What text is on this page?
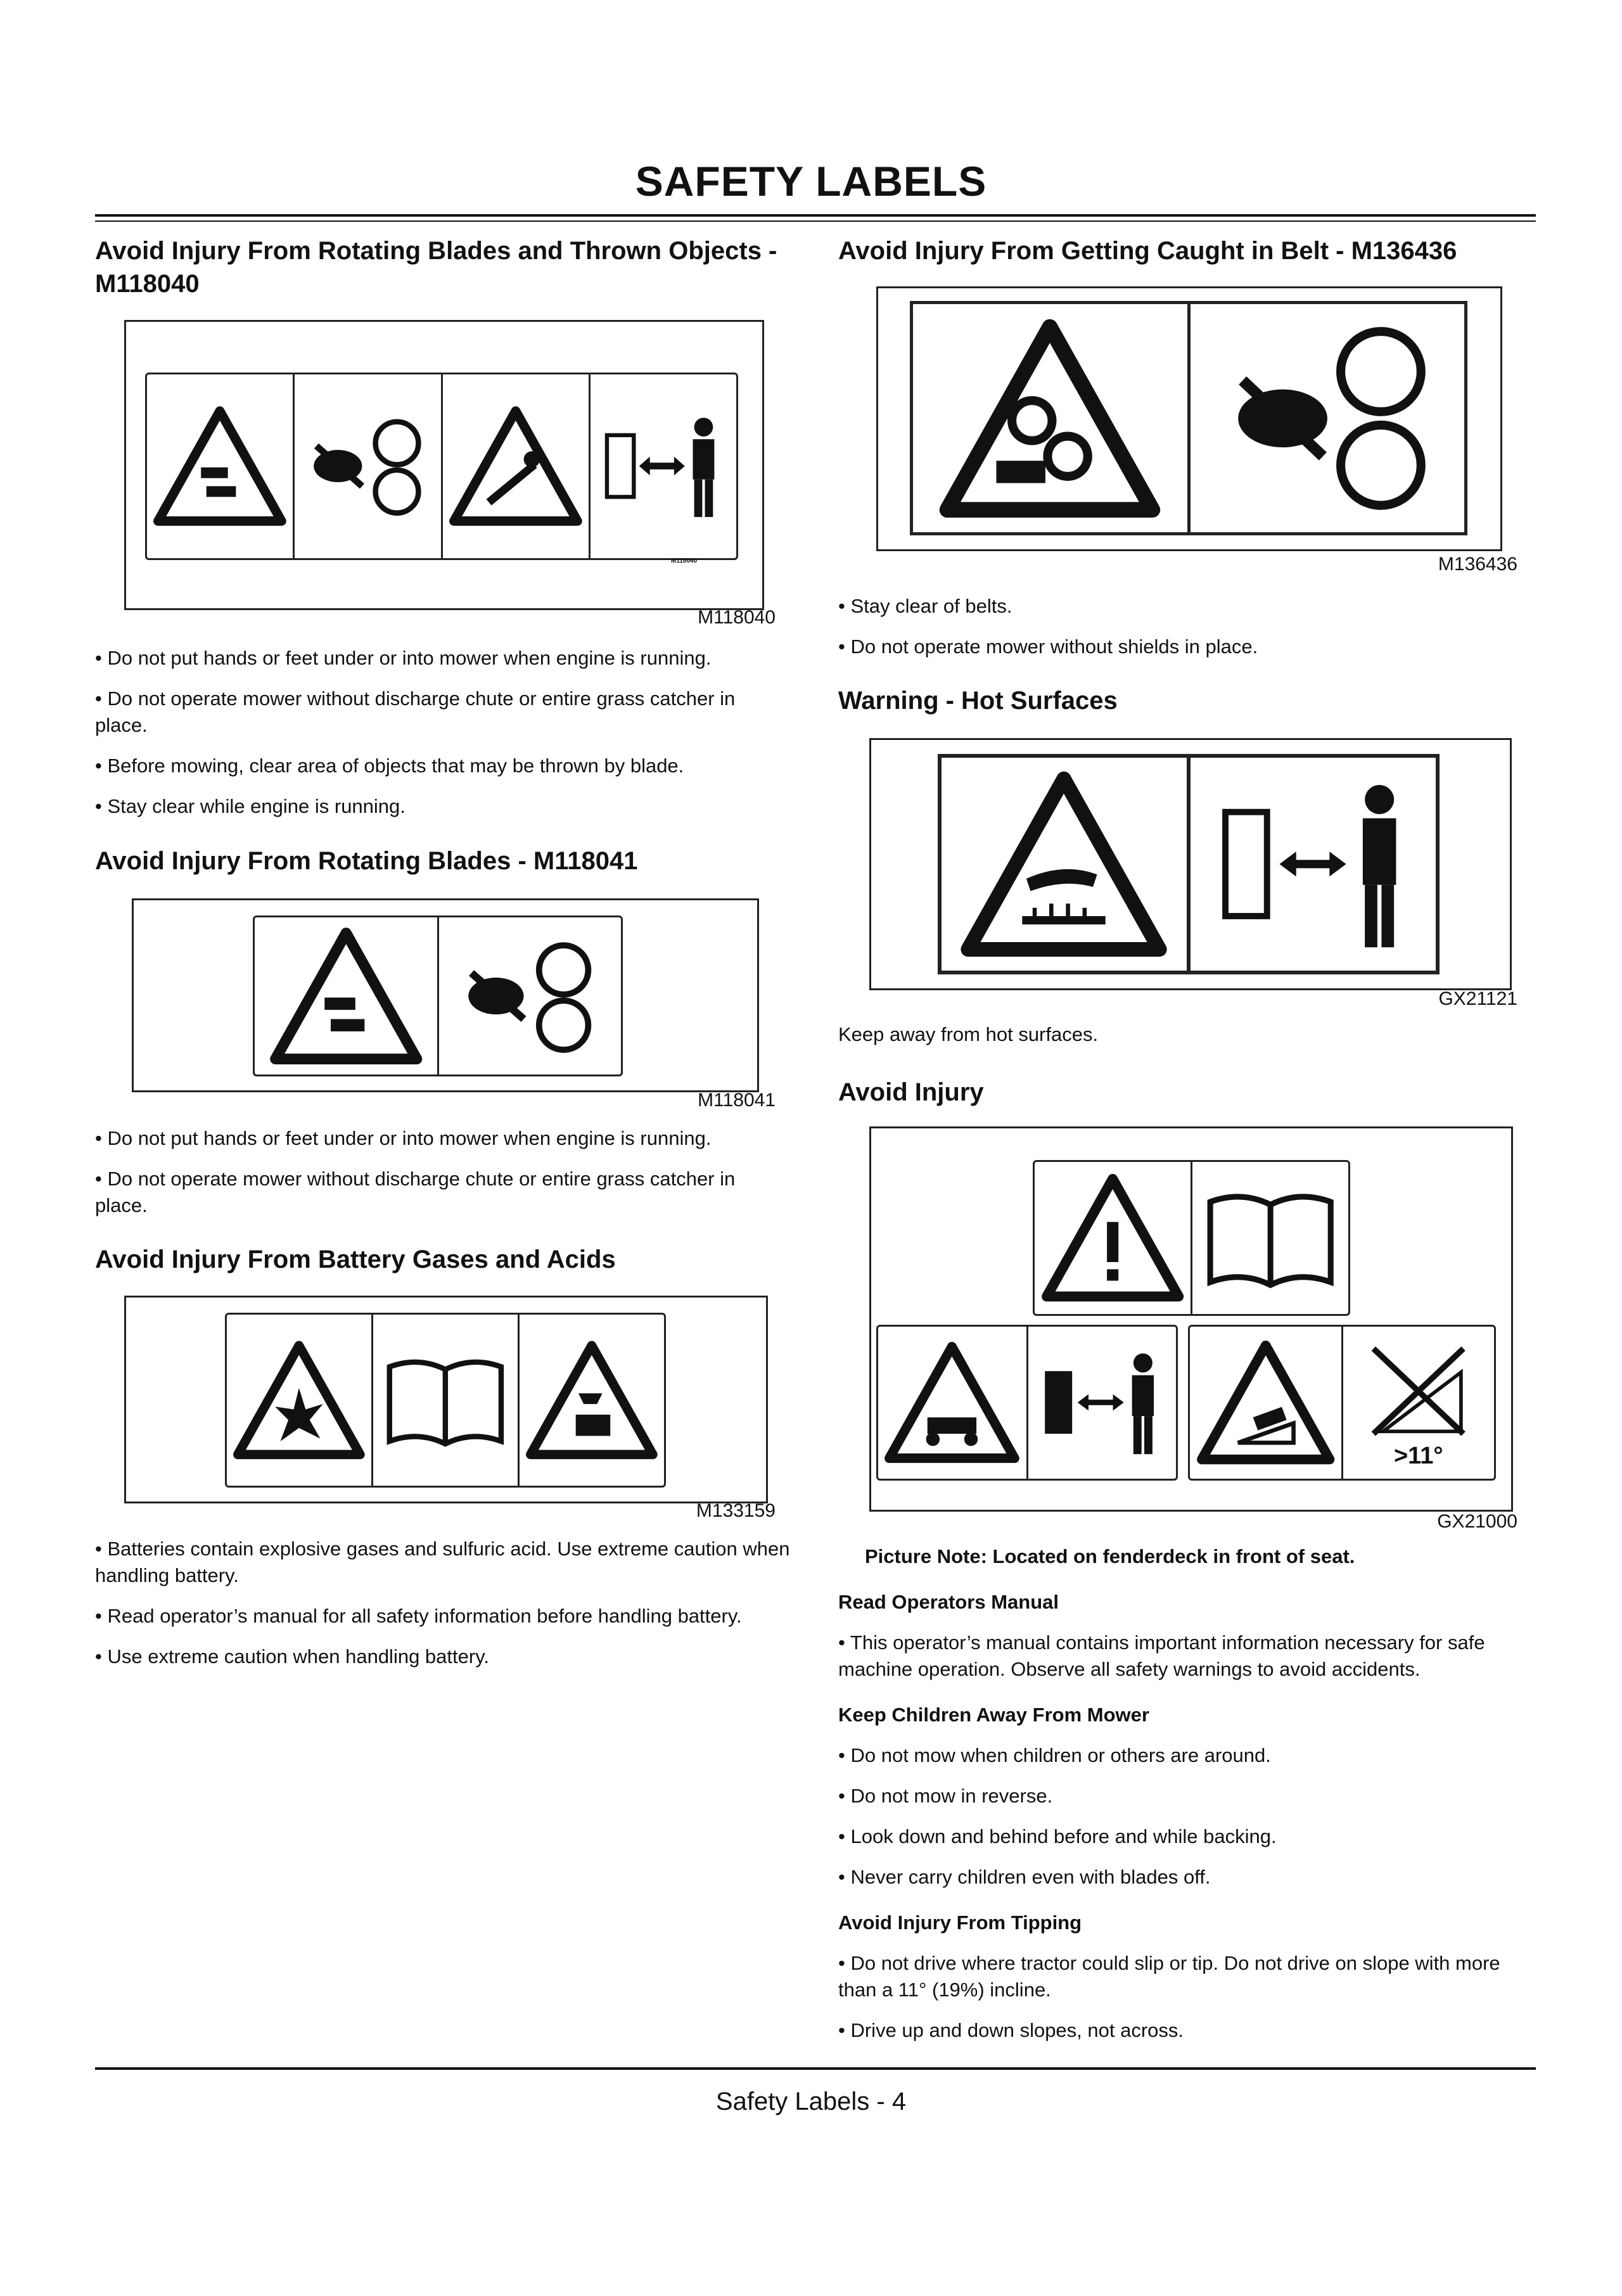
SAFETY LABELS
Avoid Injury From Rotating Blades and Thrown Objects - M118040
M118040
M118040

• Do not put hands or feet under or into mower when engine is running.

• Do not operate mower without discharge chute or entire grass catcher in place.

• Before mowing, clear area of objects that may be thrown by blade.

• Stay clear while engine is running.

Avoid Injury From Rotating Blades - M118041
M118041

• Do not put hands or feet under or into mower when engine is running.

• Do not operate mower without discharge chute or entire grass catcher in place.

Avoid Injury From Battery Gases and Acids
M133159

• Batteries contain explosive gases and sulfuric acid. Use extreme caution when handling battery.

• Read operator’s manual for all safety information before handling battery.

• Use extreme caution when handling battery.

Avoid Injury From Getting Caught in Belt - M136436
M136436

• Stay clear of belts.

• Do not operate mower without shields in place.

Warning - Hot Surfaces
GX21121

Keep away from hot surfaces.

Avoid Injury
>11°
GX21000

Picture Note: Located on fenderdeck in front of seat.

Read Operators Manual

• This operator’s manual contains important information necessary for safe machine operation. Observe all safety warnings to avoid accidents.

Keep Children Away From Mower

• Do not mow when children or others are around.

• Do not mow in reverse.

• Look down and behind before and while backing.

• Never carry children even with blades off.

Avoid Injury From Tipping

• Do not drive where tractor could slip or tip. Do not drive on slope with more than a 11° (19%) incline.

• Drive up and down slopes, not across.

Safety Labels - 4
